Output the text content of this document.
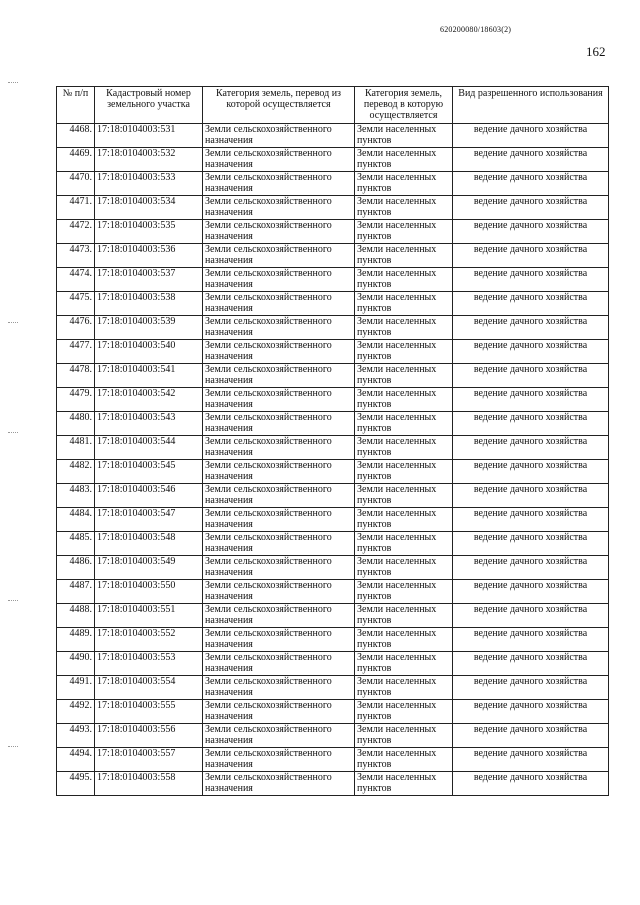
620200080/18603(2)
162
№ п/п	Кадастровый номер земельного участка	Категория земель, перевод из которой осуществляется	Категория земель, перевод в которую осуществляется	Вид разрешенного использования
4468.	17:18:0104003:531	Земли сельскохозяйственного назначения	Земли населенных пунктов	ведение дачного хозяйства
4469.	17:18:0104003:532	Земли сельскохозяйственного назначения	Земли населенных пунктов	ведение дачного хозяйства
4470.	17:18:0104003:533	Земли сельскохозяйственного назначения	Земли населенных пунктов	ведение дачного хозяйства
4471.	17:18:0104003:534	Земли сельскохозяйственного назначения	Земли населенных пунктов	ведение дачного хозяйства
4472.	17:18:0104003:535	Земли сельскохозяйственного назначения	Земли населенных пунктов	ведение дачного хозяйства
4473.	17:18:0104003:536	Земли сельскохозяйственного назначения	Земли населенных пунктов	ведение дачного хозяйства
4474.	17:18:0104003:537	Земли сельскохозяйственного назначения	Земли населенных пунктов	ведение дачного хозяйства
4475.	17:18:0104003:538	Земли сельскохозяйственного назначения	Земли населенных пунктов	ведение дачного хозяйства
4476.	17:18:0104003:539	Земли сельскохозяйственного назначения	Земли населенных пунктов	ведение дачного хозяйства
4477.	17:18:0104003:540	Земли сельскохозяйственного назначения	Земли населенных пунктов	ведение дачного хозяйства
4478.	17:18:0104003:541	Земли сельскохозяйственного назначения	Земли населенных пунктов	ведение дачного хозяйства
4479.	17:18:0104003:542	Земли сельскохозяйственного назначения	Земли населенных пунктов	ведение дачного хозяйства
4480.	17:18:0104003:543	Земли сельскохозяйственного назначения	Земли населенных пунктов	ведение дачного хозяйства
4481.	17:18:0104003:544	Земли сельскохозяйственного назначения	Земли населенных пунктов	ведение дачного хозяйства
4482.	17:18:0104003:545	Земли сельскохозяйственного назначения	Земли населенных пунктов	ведение дачного хозяйства
4483.	17:18:0104003:546	Земли сельскохозяйственного назначения	Земли населенных пунктов	ведение дачного хозяйства
4484.	17:18:0104003:547	Земли сельскохозяйственного назначения	Земли населенных пунктов	ведение дачного хозяйства
4485.	17:18:0104003:548	Земли сельскохозяйственного назначения	Земли населенных пунктов	ведение дачного хозяйства
4486.	17:18:0104003:549	Земли сельскохозяйственного назначения	Земли населенных пунктов	ведение дачного хозяйства
4487.	17:18:0104003:550	Земли сельскохозяйственного назначения	Земли населенных пунктов	ведение дачного хозяйства
4488.	17:18:0104003:551	Земли сельскохозяйственного назначения	Земли населенных пунктов	ведение дачного хозяйства
4489.	17:18:0104003:552	Земли сельскохозяйственного назначения	Земли населенных пунктов	ведение дачного хозяйства
4490.	17:18:0104003:553	Земли сельскохозяйственного назначения	Земли населенных пунктов	ведение дачного хозяйства
4491.	17:18:0104003:554	Земли сельскохозяйственного назначения	Земли населенных пунктов	ведение дачного хозяйства
4492.	17:18:0104003:555	Земли сельскохозяйственного назначения	Земли населенных пунктов	ведение дачного хозяйства
4493.	17:18:0104003:556	Земли сельскохозяйственного назначения	Земли населенных пунктов	ведение дачного хозяйства
4494.	17:18:0104003:557	Земли сельскохозяйственного назначения	Земли населенных пунктов	ведение дачного хозяйства
4495.	17:18:0104003:558	Земли сельскохозяйственного назначения	Земли населенных пунктов	ведение дачного хозяйства
